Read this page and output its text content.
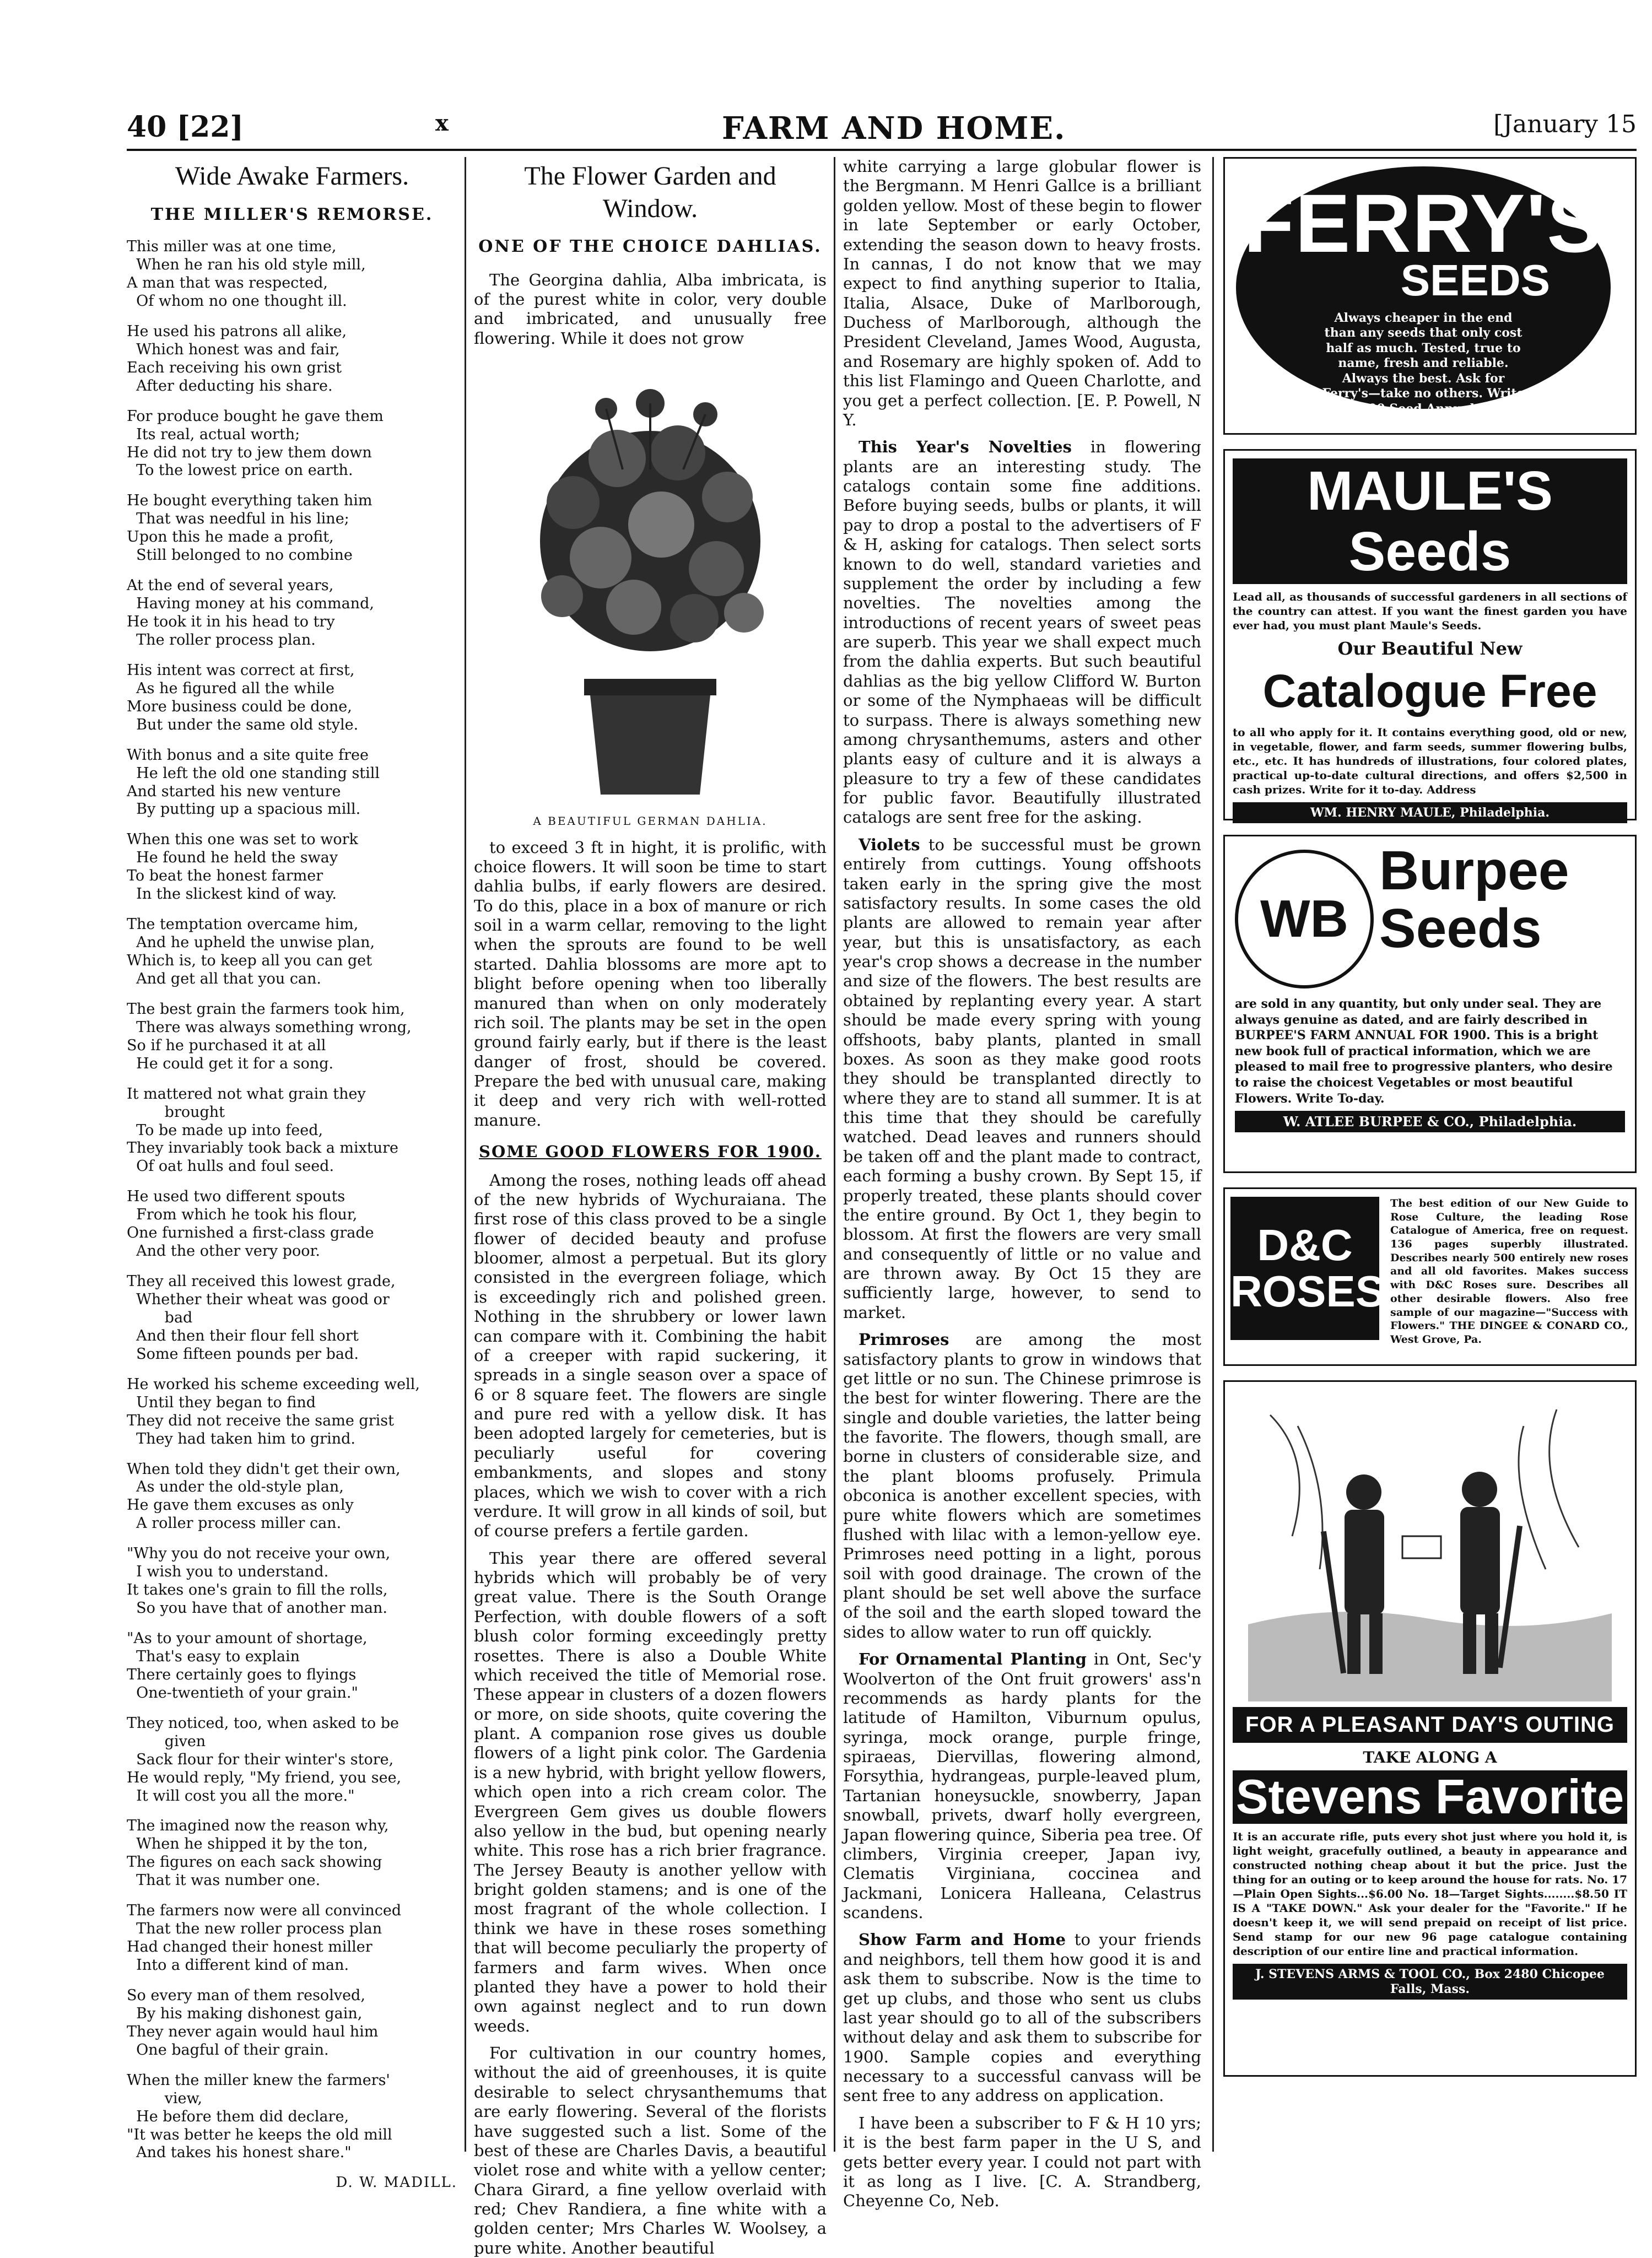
40 [22]	x	FARM AND HOME.	[January 15
Wide Awake Farmers.
THE MILLER'S REMORSE.
This miller was at one time,
When he ran his old style mill,
A man that was respected,
Of whom no one thought ill.
He used his patrons all alike,
Which honest was and fair,
Each receiving his own grist
After deducting his share.
For produce bought he gave them
Its real, actual worth;
He did not try to jew them down
To the lowest price on earth.
He bought everything taken him
That was needful in his line;
Upon this he made a profit,
Still belonged to no combine
At the end of several years,
Having money at his command,
He took it in his head to try
The roller process plan.
His intent was correct at first,
As he figured all the while
More business could be done,
But under the same old style.
With bonus and a site quite free
He left the old one standing still
And started his new venture
By putting up a spacious mill.
When this one was set to work
He found he held the sway
To beat the honest farmer
In the slickest kind of way.
The temptation overcame him,
And he upheld the unwise plan,
Which is, to keep all you can get
And get all that you can.
The best grain the farmers took him,
There was always something wrong,
So if he purchased it at all
He could get it for a song.
It mattered not what grain they
brought
To be made up into feed,
They invariably took back a mixture
Of oat hulls and foul seed.
He used two different spouts
From which he took his flour,
One furnished a first-class grade
And the other very poor.
They all received this lowest grade,
Whether their wheat was good or
bad
And then their flour fell short
Some fifteen pounds per bad.
He worked his scheme exceeding well,
Until they began to find
They did not receive the same grist
They had taken him to grind.
When told they didn't get their own,
As under the old-style plan,
He gave them excuses as only
A roller process miller can.
"Why you do not receive your own,
I wish you to understand.
It takes one's grain to fill the rolls,
So you have that of another man.
"As to your amount of shortage,
That's easy to explain
There certainly goes to flyings
One-twentieth of your grain."
They noticed, too, when asked to be
given
Sack flour for their winter's store,
He would reply, "My friend, you see,
It will cost you all the more."
The imagined now the reason why,
When he shipped it by the ton,
The figures on each sack showing
That it was number one.
The farmers now were all convinced
That the new roller process plan
Had changed their honest miller
Into a different kind of man.
So every man of them resolved,
By his making dishonest gain,
They never again would haul him
One bagful of their grain.
When the miller knew the farmers'
view,
He before them did declare,
"It was better he keeps the old mill
And takes his honest share."
D. W. MADILL.
The Flower Garden and Window.
ONE OF THE CHOICE DAHLIAS.

The Georgina dahlia, Alba imbricata, is of the purest white in color, very double and imbricated, and unusually free flowering. While it does not grow

A BEAUTIFUL GERMAN DAHLIA.

to exceed 3 ft in hight, it is prolific, with choice flowers. It will soon be time to start dahlia bulbs, if early flowers are desired. To do this, place in a box of manure or rich soil in a warm cellar, removing to the light when the sprouts are found to be well started. Dahlia blossoms are more apt to blight before opening when too liberally manured than when on only moderately rich soil. The plants may be set in the open ground fairly early, but if there is the least danger of frost, should be covered. Prepare the bed with unusual care, making it deep and very rich with well-rotted manure.

SOME GOOD FLOWERS FOR 1900.

Among the roses, nothing leads off ahead of the new hybrids of Wychuraiana. The first rose of this class proved to be a single flower of decided beauty and profuse bloomer, almost a perpetual. But its glory consisted in the evergreen foliage, which is exceedingly rich and polished green. Nothing in the shrubbery or lower lawn can compare with it. Combining the habit of a creeper with rapid suckering, it spreads in a single season over a space of 6 or 8 square feet. The flowers are single and pure red with a yellow disk. It has been adopted largely for cemeteries, but is peculiarly useful for covering embankments, and slopes and stony places, which we wish to cover with a rich verdure. It will grow in all kinds of soil, but of course prefers a fertile garden.

This year there are offered several hybrids which will probably be of very great value. There is the South Orange Perfection, with double flowers of a soft blush color forming exceedingly pretty rosettes. There is also a Double White which received the title of Memorial rose. These appear in clusters of a dozen flowers or more, on side shoots, quite covering the plant. A companion rose gives us double flowers of a light pink color. The Gardenia is a new hybrid, with bright yellow flowers, which open into a rich cream color. The Evergreen Gem gives us double flowers also yellow in the bud, but opening nearly white. This rose has a rich brier fragrance. The Jersey Beauty is another yellow with bright golden stamens; and is one of the most fragrant of the whole collection. I think we have in these roses something that will become peculiarly the property of farmers and farm wives. When once planted they have a power to hold their own against neglect and to run down weeds.

For cultivation in our country homes, without the aid of greenhouses, it is quite desirable to select chrysanthemums that are early flowering. Several of the florists have suggested such a list. Some of the best of these are Charles Davis, a beautiful violet rose and white with a yellow center; Chara Girard, a fine yellow overlaid with red; Chev Randiera, a fine white with a golden center; Mrs Charles W. Woolsey, a pure white. Another beautiful

white carrying a large globular flower is the Bergmann. M Henri Gallce is a brilliant golden yellow. Most of these begin to flower in late September or early October, extending the season down to heavy frosts. In cannas, I do not know that we may expect to find anything superior to Italia, Italia, Alsace, Duke of Marlborough, Duchess of Marlborough, although the President Cleveland, James Wood, Augusta, and Rosemary are highly spoken of. Add to this list Flamingo and Queen Charlotte, and you get a perfect collection. [E. P. Powell, N Y.

This Year's Novelties in flowering plants are an interesting study. The catalogs contain some fine additions. Before buying seeds, bulbs or plants, it will pay to drop a postal to the advertisers of F & H, asking for catalogs. Then select sorts known to do well, standard varieties and supplement the order by including a few novelties. The novelties among the introductions of recent years of sweet peas are superb. This year we shall expect much from the dahlia experts. But such beautiful dahlias as the big yellow Clifford W. Burton or some of the Nymphaeas will be difficult to surpass. There is always something new among chrysanthemums, asters and other plants easy of culture and it is always a pleasure to try a few of these candidates for public favor. Beautifully illustrated catalogs are sent free for the asking.

Violets to be successful must be grown entirely from cuttings. Young offshoots taken early in the spring give the most satisfactory results. In some cases the old plants are allowed to remain year after year, but this is unsatisfactory, as each year's crop shows a decrease in the number and size of the flowers. The best results are obtained by replanting every year. A start should be made every spring with young offshoots, baby plants, planted in small boxes. As soon as they make good roots they should be transplanted directly to where they are to stand all summer. It is at this time that they should be carefully watched. Dead leaves and runners should be taken off and the plant made to contract, each forming a bushy crown. By Sept 15, if properly treated, these plants should cover the entire ground. By Oct 1, they begin to blossom. At first the flowers are very small and consequently of little or no value and are thrown away. By Oct 15 they are sufficiently large, however, to send to market.

Primroses are among the most satisfactory plants to grow in windows that get little or no sun. The Chinese primrose is the best for winter flowering. There are the single and double varieties, the latter being the favorite. The flowers, though small, are borne in clusters of considerable size, and the plant blooms profusely. Primula obconica is another excellent species, with pure white flowers which are sometimes flushed with lilac with a lemon-yellow eye. Primroses need potting in a light, porous soil with good drainage. The crown of the plant should be set well above the surface of the soil and the earth sloped toward the sides to allow water to run off quickly.

For Ornamental Planting in Ont, Sec'y Woolverton of the Ont fruit growers' ass'n recommends as hardy plants for the latitude of Hamilton, Viburnum opulus, syringa, mock orange, purple fringe, spiraeas, Diervillas, flowering almond, Forsythia, hydrangeas, purple-leaved plum, Tartanian honeysuckle, snowberry, Japan snowball, privets, dwarf holly evergreen, Japan flowering quince, Siberia pea tree. Of climbers, Virginia creeper, Japan ivy, Clematis Virginiana, coccinea and Jackmani, Lonicera Halleana, Celastrus scandens.

Show Farm and Home to your friends and neighbors, tell them how good it is and ask them to subscribe. Now is the time to get up clubs, and those who sent us clubs last year should go to all of the subscribers without delay and ask them to subscribe for 1900. Sample copies and everything necessary to a successful canvass will be sent free to any address on application.

I have been a subscriber to F & H 10 yrs; it is the best farm paper in the U S, and gets better every year. I could not part with it as long as I live. [C. A. Strandberg, Cheyenne Co, Neb.

FERRY'S
SEEDS
Always cheaper in the end than any seeds that only cost half as much. Tested, true to name, fresh and reliable. Always the best. Ask for Ferry's—take no others. Write for 1900 Seed Annual. D. M. FERRY & CO., Detroit, Mich.
MAULE'S Seeds
Lead all, as thousands of successful gardeners in all sections of the country can attest. If you want the finest garden you have ever had, you must plant Maule's Seeds.
Our Beautiful New
Catalogue Free
to all who apply for it. It contains everything good, old or new, in vegetable, flower, and farm seeds, summer flowering bulbs, etc., etc. It has hundreds of illustrations, four colored plates, practical up-to-date cultural directions, and offers $2,500 in cash prizes. Write for it to-day. Address
WM. HENRY MAULE, Philadelphia.
WB
Burpee
Seeds
are sold in any quantity, but only under seal. They are always genuine as dated, and are fairly described in BURPEE'S FARM ANNUAL FOR 1900. This is a bright new book full of practical information, which we are pleased to mail free to progressive planters, who desire to raise the choicest Vegetables or most beautiful Flowers. Write To-day.
W. ATLEE BURPEE & CO., Philadelphia.
D&C
ROSES
The best edition of our New Guide to Rose Culture, the leading Rose Catalogue of America, free on request. 136 pages superbly illustrated. Describes nearly 500 entirely new roses and all old favorites. Makes success with D&C Roses sure. Describes all other desirable flowers. Also free sample of our magazine—"Success with Flowers." THE DINGEE & CONARD CO., West Grove, Pa.
FOR A PLEASANT DAY'S OUTING
TAKE ALONG A
Stevens Favorite
It is an accurate rifle, puts every shot just where you hold it, is light weight, gracefully outlined, a beauty in appearance and constructed nothing cheap about it but the price. Just the thing for an outing or to keep around the house for rats. No. 17—Plain Open Sights...$6.00 No. 18—Target Sights........$8.50 IT IS A "TAKE DOWN." Ask your dealer for the "Favorite." If he doesn't keep it, we will send prepaid on receipt of list price. Send stamp for our new 96 page catalogue containing description of our entire line and practical information.
J. STEVENS ARMS & TOOL CO., Box 2480 Chicopee Falls, Mass.
